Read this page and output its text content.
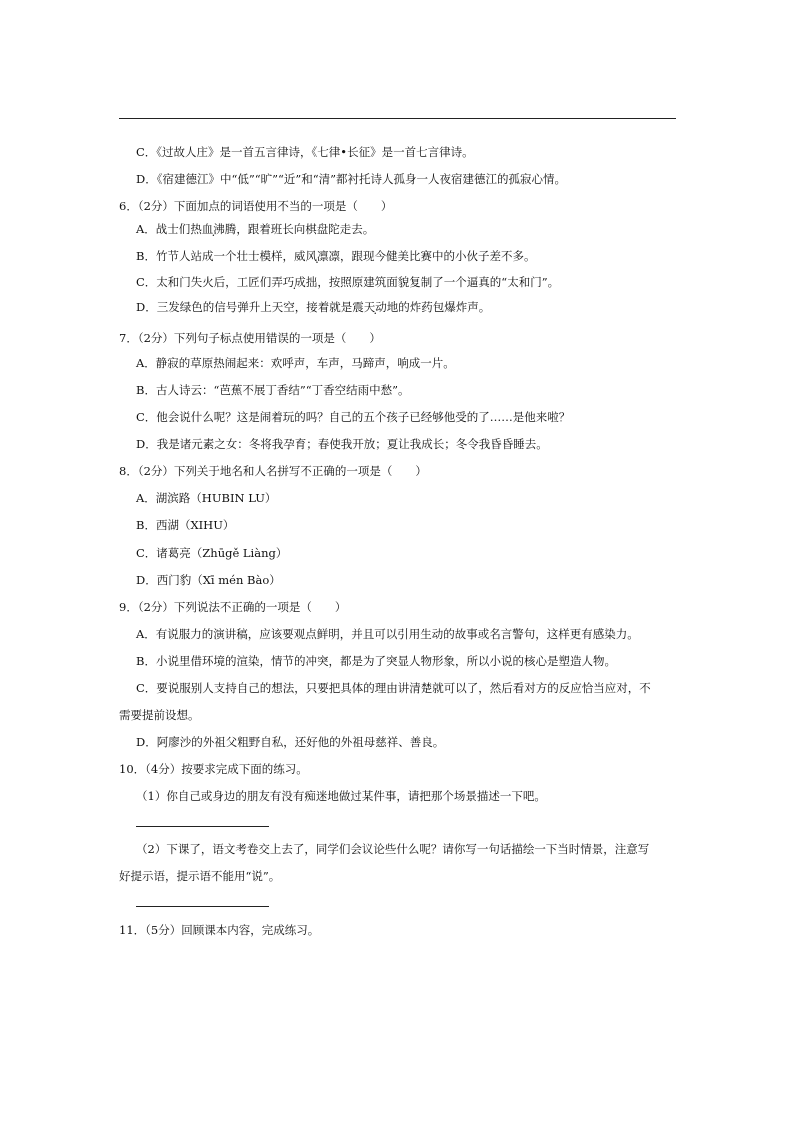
C．《过故人庄》是一首五言律诗，《七律•长征》是一首七言律诗。
D．《宿建德江》中“低”“旷”“近”和“清”都衬托诗人孤身一人夜宿建德江的孤寂心情。
6．（2分）下面加点的词语使用不当的一项是（　　）
A．战士们热血沸腾，跟着班长向棋盘陀走去。
B．竹节人站成一个壮士模样，威风凛凛，跟现今健美比赛中的小伙子差不多。
C．太和门失火后，工匠们弄巧成拙，按照原建筑面貌复制了一个逼真的“太和门”。
D．三发绿色的信号弹升上天空，接着就是震天动地的炸药包爆炸声。
7．（2分）下列句子标点使用错误的一项是（　　）
A．静寂的草原热闹起来：欢呼声，车声，马蹄声，响成一片。
B．古人诗云：“芭蕉不展丁香结”“丁香空结雨中愁”。
C．他会说什么呢？这是闹着玩的吗？自己的五个孩子已经够他受的了……是他来啦？
D．我是诸元素之女：冬将我孕育；春使我开放；夏让我成长；冬令我昏昏睡去。
8．（2分）下列关于地名和人名拼写不正确的一项是（　　）
A．湖滨路（HUBIN LU）
B．西湖（XIHU）
C．诸葛亮（Zhūgě Liàng）
D．西门豹（Xī mén Bào）
9．（2分）下列说法不正确的一项是（　　）
A．有说服力的演讲稿，应该要观点鲜明，并且可以引用生动的故事或名言警句，这样更有感染力。
B．小说里借环境的渲染，情节的冲突，都是为了突显人物形象，所以小说的核心是塑造人物。
C．要说服别人支持自己的想法，只要把具体的理由讲清楚就可以了，然后看对方的反应恰当应对，不
需要提前设想。
D．阿廖沙的外祖父粗野自私，还好他的外祖母慈祥、善良。
10．（4分）按要求完成下面的练习。
（1）你自己或身边的朋友有没有痴迷地做过某件事，请把那个场景描述一下吧。
（2）下课了，语文考卷交上去了，同学们会议论些什么呢？请你写一句话描绘一下当时情景，注意写
好提示语，提示语不能用“说”。
11．（5分）回顾课本内容，完成练习。
